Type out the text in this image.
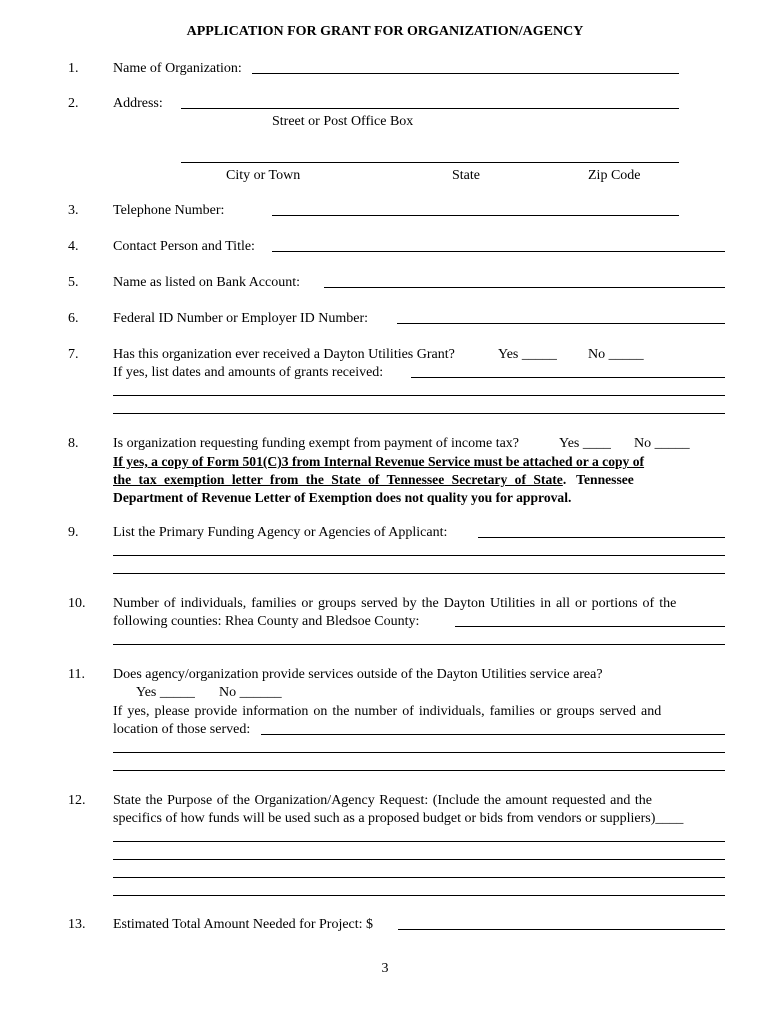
APPLICATION FOR GRANT FOR ORGANIZATION/AGENCY
1. Name of Organization:
2. Address:
Street or Post Office Box
City or Town	State	Zip Code
3. Telephone Number:
4. Contact Person and Title:
5. Name as listed on Bank Account:
6. Federal ID Number or Employer ID Number:
7. Has this organization ever received a Dayton Utilities Grant?	Yes _____ No _____
If yes, list dates and amounts of grants received:
8. Is organization requesting funding exempt from payment of income tax?	Yes ____ No _____
If yes, a copy of Form 501(C)3 from Internal Revenue Service must be attached or a copy of
the tax exemption letter from the State of Tennessee Secretary of State.   Tennessee
Department of Revenue Letter of Exemption does not quality you for approval.
9. List the Primary Funding Agency or Agencies of Applicant:
10. Number of individuals, families or groups served by the Dayton Utilities in all or portions of the
following counties: Rhea County and Bledsoe County:
11. Does agency/organization provide services outside of the Dayton Utilities service area?
Yes _____ No ______
If yes, please provide information on the number of individuals, families or groups served and
location of those served:
12. State the Purpose of the Organization/Agency Request: (Include the amount requested and the
specifics of how funds will be used such as a proposed budget or bids from vendors or suppliers)____
13. Estimated Total Amount Needed for Project: $
3
